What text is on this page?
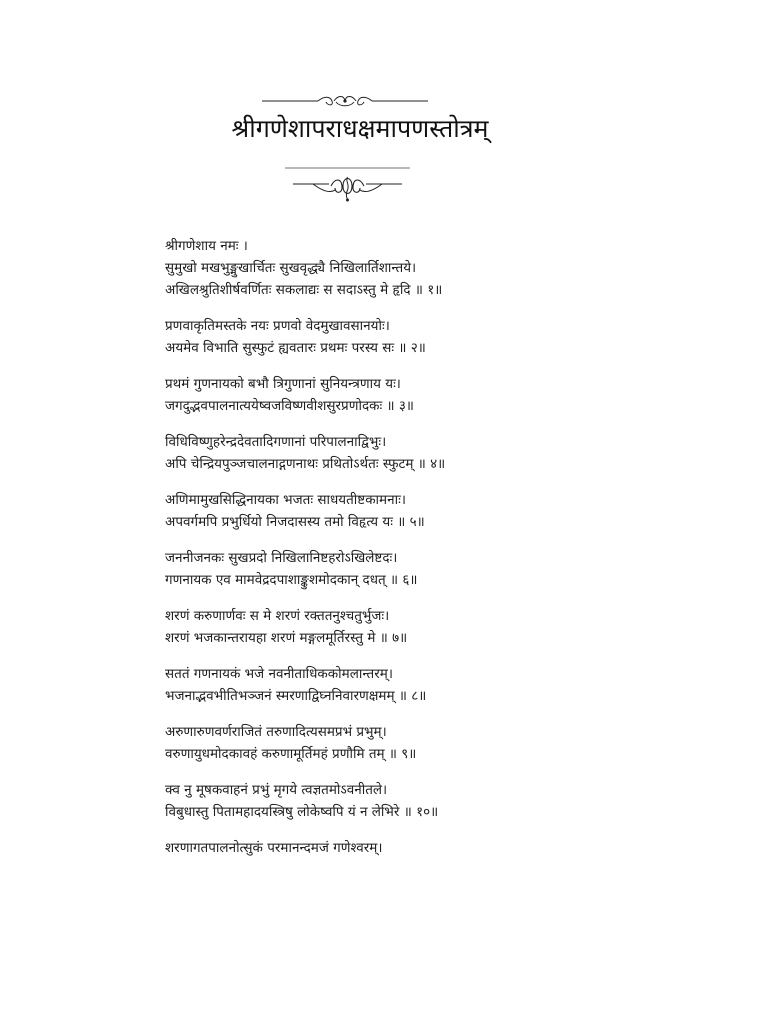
श्रीगणेशापराधक्षमापणस्तोत्रम्
श्रीगणेशाय नमः ।
सुमुखो मखभुङ्मुखार्चितः सुखवृद्ध्यै निखिलार्तिशान्तये।
अखिलश्रुतिशीर्षवर्णितः सकलाद्यः स सदाऽस्तु मे हृदि ॥ १॥
प्रणवाकृतिमस्तके नयः प्रणवो वेदमुखावसानयोः।
अयमेव विभाति सुस्फुटं ह्यवतारः प्रथमः परस्य सः ॥ २॥
प्रथमं गुणनायको बभौ त्रिगुणानां सुनियन्त्रणाय यः।
जगदुद्भवपालनात्ययेष्वजविष्णवीशसुरप्रणोदकः ॥ ३॥
विधिविष्णुहरेन्द्रदेवतादिगणानां परिपालनाद्विभुः।
अपि चेन्द्रियपुञ्जचालनाद्गणनाथः प्रथितोऽर्थतः स्फुटम् ॥ ४॥
अणिमामुखसिद्धिनायका भजतः साधयतीष्टकामनाः।
अपवर्गमपि प्रभुर्धियो निजदासस्य तमो विहृत्य यः ॥ ५॥
जननीजनकः सुखप्रदो निखिलानिष्टहरोऽखिलेष्टदः।
गणनायक एव मामवेद्रदपाशाङ्कुशमोदकान् दधत् ॥ ६॥
शरणं करुणार्णवः स मे शरणं रक्ततनुश्चतुर्भुजः।
शरणं भजकान्तरायहा शरणं मङ्गलमूर्तिरस्तु मे ॥ ७॥
सततं गणनायकं भजे नवनीताधिककोमलान्तरम्।
भजनाद्भवभीतिभञ्जनं स्मरणाद्विघ्ननिवारणक्षमम् ॥ ८॥
अरुणारुणवर्णराजितं तरुणादित्यसमप्रभं प्रभुम्।
वरुणायुधमोदकावहं करुणामूर्तिमहं प्रणौमि तम् ॥ ९॥
क्व नु मूषकवाहनं प्रभुं मृगये त्वज्ञतमोऽवनीतले।
विबुधास्तु पितामहादयस्त्रिषु लोकेष्वपि यं न लेभिरे ॥ १०॥
शरणागतपालनोत्सुकं परमानन्दमजं गणेश्वरम्।
